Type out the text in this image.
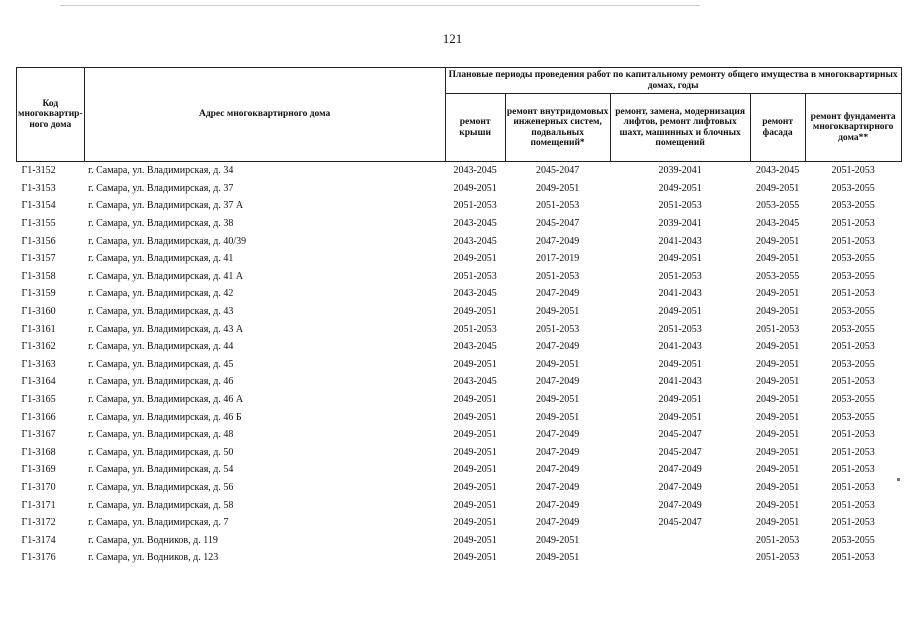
121
Код многоквартир-ного дома	Адрес многоквартирного дома	Плановые периоды проведения работ по капитальному ремонту общего имущества в многоквартирных домах, годы				
		ремонт крыши	ремонт внутридомовых инженерных систем, подвальных помещений*	ремонт, замена, модернизация лифтов, ремонт лифтовых шахт, машинных и блочных помещений	ремонт фасада	ремонт фундамента многоквартирного дома**
Г1-3152	г. Самара, ул. Владимирская, д. 34	2043-2045	2045-2047	2039-2041	2043-2045	2051-2053
Г1-3153	г. Самара, ул. Владимирская, д. 37	2049-2051	2049-2051	2049-2051	2049-2051	2053-2055
Г1-3154	г. Самара, ул. Владимирская, д. 37 А	2051-2053	2051-2053	2051-2053	2053-2055	2053-2055
Г1-3155	г. Самара, ул. Владимирская, д. 38	2043-2045	2045-2047	2039-2041	2043-2045	2051-2053
Г1-3156	г. Самара, ул. Владимирская, д. 40/39	2043-2045	2047-2049	2041-2043	2049-2051	2051-2053
Г1-3157	г. Самара, ул. Владимирская, д. 41	2049-2051	2017-2019	2049-2051	2049-2051	2053-2055
Г1-3158	г. Самара, ул. Владимирская, д. 41 А	2051-2053	2051-2053	2051-2053	2053-2055	2053-2055
Г1-3159	г. Самара, ул. Владимирская, д. 42	2043-2045	2047-2049	2041-2043	2049-2051	2051-2053
Г1-3160	г. Самара, ул. Владимирская, д. 43	2049-2051	2049-2051	2049-2051	2049-2051	2053-2055
Г1-3161	г. Самара, ул. Владимирская, д. 43 А	2051-2053	2051-2053	2051-2053	2051-2053	2053-2055
Г1-3162	г. Самара, ул. Владимирская, д. 44	2043-2045	2047-2049	2041-2043	2049-2051	2051-2053
Г1-3163	г. Самара, ул. Владимирская, д. 45	2049-2051	2049-2051	2049-2051	2049-2051	2053-2055
Г1-3164	г. Самара, ул. Владимирская, д. 46	2043-2045	2047-2049	2041-2043	2049-2051	2051-2053
Г1-3165	г. Самара, ул. Владимирская, д. 46 А	2049-2051	2049-2051	2049-2051	2049-2051	2053-2055
Г1-3166	г. Самара, ул. Владимирская, д. 46 Б	2049-2051	2049-2051	2049-2051	2049-2051	2053-2055
Г1-3167	г. Самара, ул. Владимирская, д. 48	2049-2051	2047-2049	2045-2047	2049-2051	2051-2053
Г1-3168	г. Самара, ул. Владимирская, д. 50	2049-2051	2047-2049	2045-2047	2049-2051	2051-2053
Г1-3169	г. Самара, ул. Владимирская, д. 54	2049-2051	2047-2049	2047-2049	2049-2051	2051-2053
Г1-3170	г. Самара, ул. Владимирская, д. 56	2049-2051	2047-2049	2047-2049	2049-2051	2051-2053
Г1-3171	г. Самара, ул. Владимирская, д. 58	2049-2051	2047-2049	2047-2049	2049-2051	2051-2053
Г1-3172	г. Самара, ул. Владимирская, д. 7	2049-2051	2047-2049	2045-2047	2049-2051	2051-2053
Г1-3174	г. Самара, ул. Водников, д. 119	2049-2051	2049-2051		2051-2053	2053-2055
Г1-3176	г. Самара, ул. Водников, д. 123	2049-2051	2049-2051		2051-2053	2051-2053
